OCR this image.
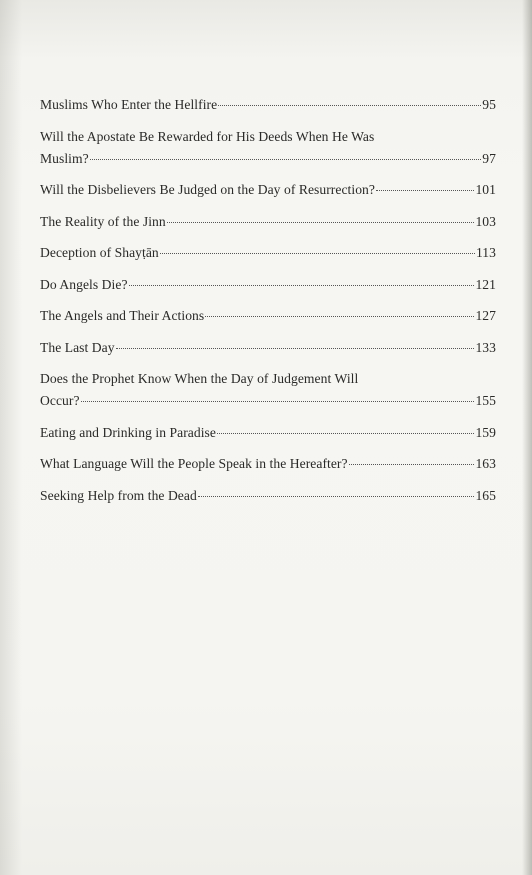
Muslims Who Enter the Hellfire	95
Will the Apostate Be Rewarded for His Deeds When He Was
Muslim?	97
Will the Disbelievers Be Judged on the Day of Resurrection?	101
The Reality of the Jinn	103
Deception of Shayṭān	113
Do Angels Die?	121
The Angels and Their Actions	127
The Last Day	133
Does the Prophet Know When the Day of Judgement Will
Occur?	155
Eating and Drinking in Paradise	159
What Language Will the People Speak in the Hereafter?	163
Seeking Help from the Dead	165
